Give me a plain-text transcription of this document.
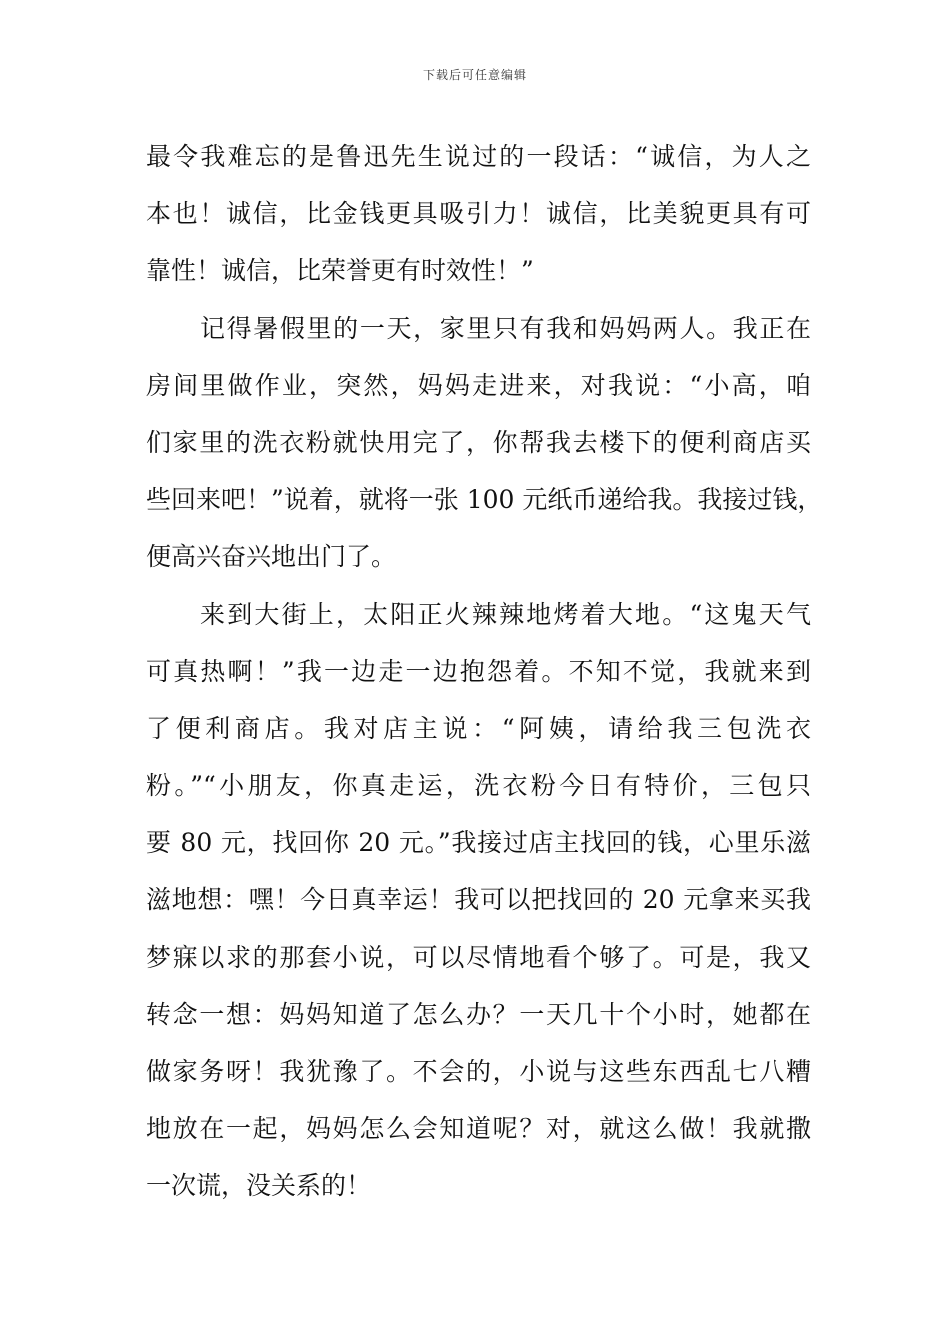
下载后可任意编辑
最令我难忘的是鲁迅先生说过的一段话：“诚信，为人之
本也！诚信，比金钱更具吸引力！诚信，比美貌更具有可
靠性！诚信，比荣誉更有时效性！”
记得暑假里的一天，家里只有我和妈妈两人。我正在
房间里做作业，突然，妈妈走进来，对我说：“小高，咱
们家里的洗衣粉就快用完了，你帮我去楼下的便利商店买
些回来吧！”说着，就将一张 100 元纸币递给我。我接过钱，
便高兴奋兴地出门了。
来到大街上，太阳正火辣辣地烤着大地。“这鬼天气
可真热啊！”我一边走一边抱怨着。不知不觉，我就来到
了便利商店。我对店主说：“阿姨，请给我三包洗衣
粉。”“小朋友，你真走运，洗衣粉今日有特价，三包只
要 80 元，找回你 20 元。”我接过店主找回的钱，心里乐滋
滋地想：嘿！今日真幸运！我可以把找回的 20 元拿来买我
梦寐以求的那套小说，可以尽情地看个够了。可是，我又
转念一想：妈妈知道了怎么办？一天几十个小时，她都在
做家务呀！我犹豫了。不会的，小说与这些东西乱七八糟
地放在一起，妈妈怎么会知道呢？对，就这么做！我就撒
一次谎，没关系的！
